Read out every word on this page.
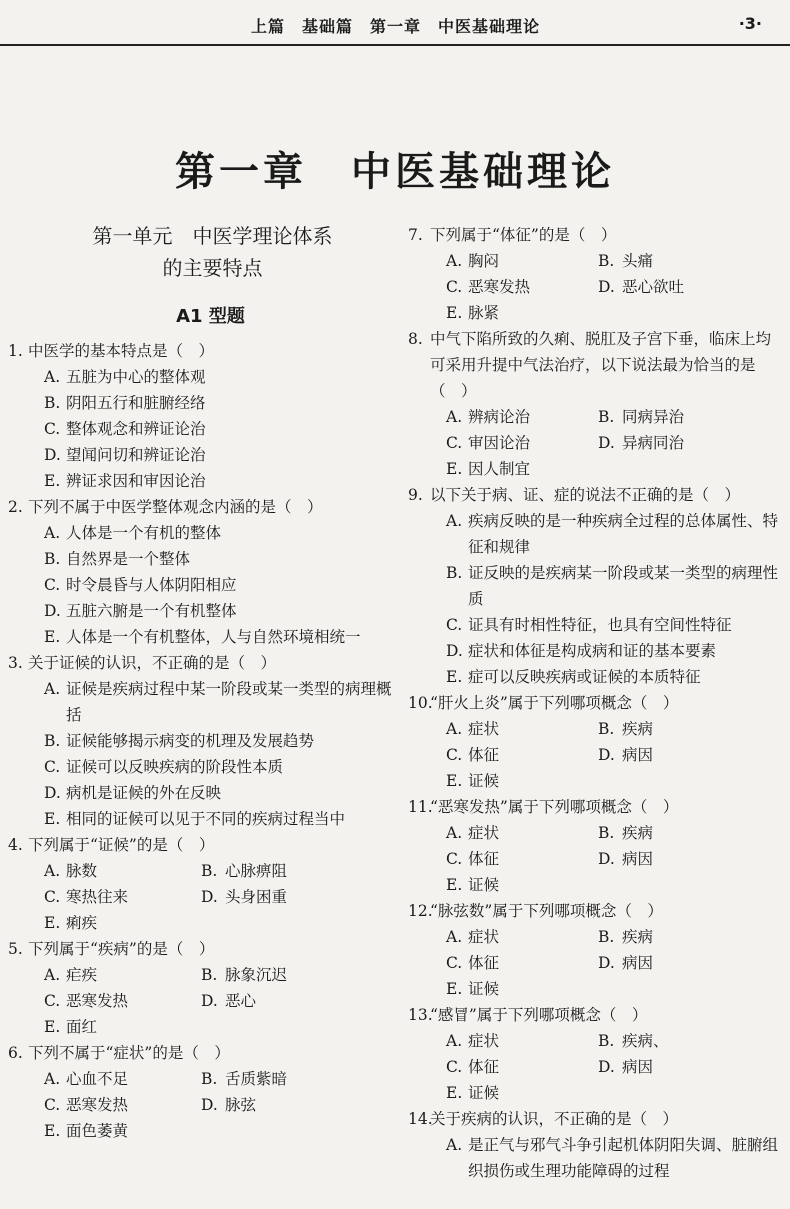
上篇　基础篇　第一章　中医基础理论	·3·
第一章　中医基础理论
第一单元　中医学理论体系
的主要特点
A1 型题
1. 中医学的基本特点是（　）
A. 五脏为中心的整体观
B. 阴阳五行和脏腑经络
C. 整体观念和辨证论治
D. 望闻问切和辨证论治
E. 辨证求因和审因论治
2. 下列不属于中医学整体观念内涵的是（　）
A. 人体是一个有机的整体
B. 自然界是一个整体
C. 时令晨昏与人体阴阳相应
D. 五脏六腑是一个有机整体
E. 人体是一个有机整体，人与自然环境相统一
3. 关于证候的认识，不正确的是（　）
A. 证候是疾病过程中某一阶段或某一类型的病理概括
B. 证候能够揭示病变的机理及发展趋势
C. 证候可以反映疾病的阶段性本质
D. 病机是证候的外在反映
E. 相同的证候可以见于不同的疾病过程当中
4. 下列属于“证候”的是（　）
A. 脉数	B. 心脉痹阻
C. 寒热往来	D. 头身困重
E. 痢疾
5. 下列属于“疾病”的是（　）
A. 疟疾	B. 脉象沉迟
C. 恶寒发热	D. 恶心
E. 面红
6. 下列不属于“症状”的是（　）
A. 心血不足	B. 舌质紫暗
C. 恶寒发热	D. 脉弦
E. 面色萎黄
7. 下列属于“体征”的是（　）
A. 胸闷	B. 头痛
C. 恶寒发热	D. 恶心欲吐
E. 脉紧
8. 中气下陷所致的久痢、脱肛及子宫下垂，临床上均可采用升提中气法治疗，以下说法最为恰当的是（　）
A. 辨病论治	B. 同病异治
C. 审因论治	D. 异病同治
E. 因人制宜
9. 以下关于病、证、症的说法不正确的是（　）
A. 疾病反映的是一种疾病全过程的总体属性、特征和规律
B. 证反映的是疾病某一阶段或某一类型的病理性质
C. 证具有时相性特征，也具有空间性特征
D. 症状和体征是构成病和证的基本要素
E. 症可以反映疾病或证候的本质特征
10.
“肝火上炎”属于下列哪项概念（　）
A. 症状	B. 疾病
C. 体征	D. 病因
E. 证候
11.
“恶寒发热”属于下列哪项概念（　）
A. 症状	B. 疾病
C. 体征	D. 病因
E. 证候
12.
“脉弦数”属于下列哪项概念（　）
A. 症状	B. 疾病
C. 体征	D. 病因
E. 证候
13.
“感冒”属于下列哪项概念（　）
A. 症状	B. 疾病、
C. 体征	D. 病因
E. 证候
14.
关于疾病的认识，不正确的是（　）
A. 是正气与邪气斗争引起机体阴阳失调、脏腑组织损伤或生理功能障碍的过程
